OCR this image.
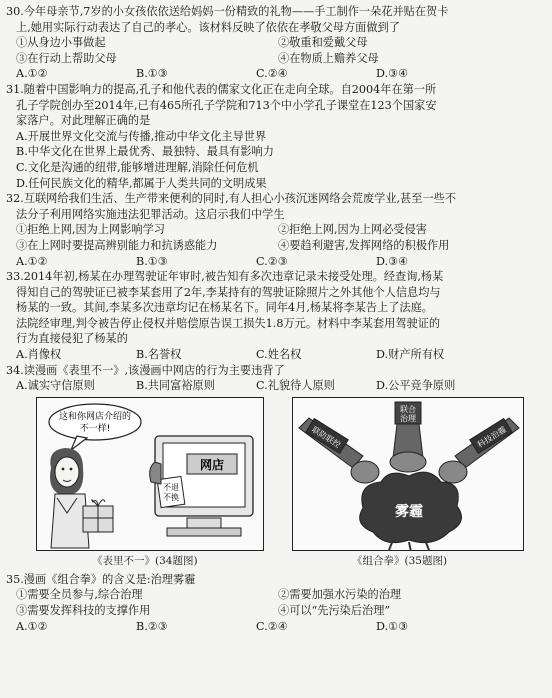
30.今年母亲节,7岁的小女孩依依送给妈妈一份精致的礼物——手工制作一朵花并贴在贺卡
上,她用实际行动表达了自己的孝心。该材料反映了依依在孝敬父母方面做到了
①从身边小事做起	②敬重和爱戴父母
③在行动上帮助父母	④在物质上赡养父母
A.①②	B.①③	C.②④	D.③④
31.随着中国影响力的提高,孔子和他代表的儒家文化正在走向全球。自2004年在第一所
孔子学院创办至2014年,已有465所孔子学院和713个中小学孔子课堂在123个国家安
家落户。对此理解正确的是
A.开展世界文化交流与传播,推动中华文化主导世界
B.中华文化在世界上最优秀、最独特、最具有影响力
C.文化是沟通的纽带,能够增进理解,消除任何危机
D.任何民族文化的精华,都属于人类共同的文明成果
32.互联网给我们生活、生产带来便利的同时,有人担心小孩沉迷网络会荒废学业,甚至一些不
法分子利用网络实施违法犯罪活动。这启示我们中学生
①拒绝上网,因为上网影响学习	②拒绝上网,因为上网必受侵害
③在上网时要提高辨别能力和抗诱惑能力	④要趋利避害,发挥网络的积极作用
A.①②	B.①③	C.②③	D.③④
33.2014年初,杨某在办理驾驶证年审时,被告知有多次违章记录未接受处理。经查询,杨某
得知自己的驾驶证已被李某套用了2年,李某持有的驾驶证除照片之外其他个人信息均与
杨某的一致。其间,李某多次违章均记在杨某名下。同年4月,杨某将李某告上了法庭。
法院经审理,判令被告停止侵权并赔偿原告误工损失1.8万元。材料中李某套用驾驶证的
行为直接侵犯了杨某的
A.肖像权	B.名誉权	C.姓名权	D.财产所有权
34.读漫画《表里不一》,该漫画中网店的行为主要违背了
A.诚实守信原则	B.共同富裕原则	C.礼貌待人原则	D.公平竞争原则
这和你网店介绍的
不一样!
网店
不退
不换
《表里不一》(34题图)
联合
治理
联防联控	科技治霾
雾霾
《组合拳》(35题图)
35.漫画《组合拳》的含义是:治理雾霾
①需要全员参与,综合治理	②需要加强水污染的治理
③需要发挥科技的支撑作用	④可以“先污染后治理”
A.①②	B.②③	C.②④	D.①③
